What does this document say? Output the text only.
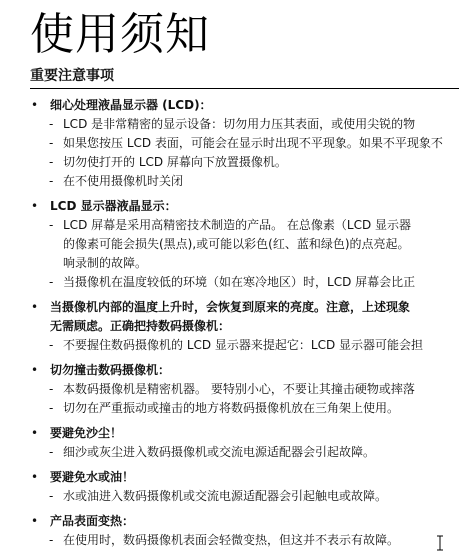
使用须知
重要注意事项
• 细心处理液晶显示器 (LCD)：
- LCD 是非常精密的显示设备：切勿用力压其表面，或使用尖锐的物
- 如果您按压 LCD 表面，可能会在显示时出现不平现象。如果不平现象不
- 切勿使打开的 LCD 屏幕向下放置摄像机。
- 在不使用摄像机时关闭
• LCD 显示器液晶显示：
- LCD 屏幕是采用高精密技术制造的产品。 在总像素（LCD 显示器
的像素可能会损失(黑点),或可能以彩色(红、蓝和绿色)的点亮起。
响录制的故障。
- 当摄像机在温度较低的环境（如在寒冷地区）时，LCD 屏幕会比正
• 当摄像机内部的温度上升时，会恢复到原来的亮度。注意，上述现象
无需顾虑。正确把持数码摄像机：
- 不要握住数码摄像机的 LCD 显示器来提起它：LCD 显示器可能会担
• 切勿撞击数码摄像机：
- 本数码摄像机是精密机器。 要特别小心，不要让其撞击硬物或摔落
- 切勿在严重振动或撞击的地方将数码摄像机放在三角架上使用。
• 要避免沙尘！
- 细沙或灰尘进入数码摄像机或交流电源适配器会引起故障。
• 要避免水或油！
- 水或油进入数码摄像机或交流电源适配器会引起触电或故障。
• 产品表面变热：
- 在使用时，数码摄像机表面会轻微变热，但这并不表示有故障。
